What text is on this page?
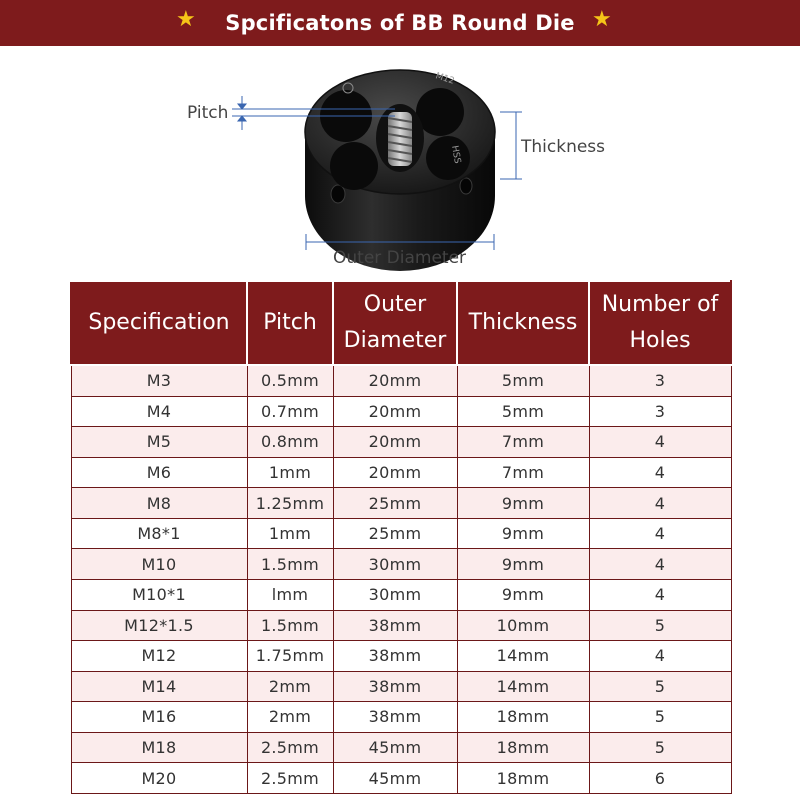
★ Spcificatons of BB Round Die ★
M12
HSS
Pitch
Thickness
Outer Diameter
Specification	Pitch	Outer Diameter	Thickness	Number of Holes
M3	0.5mm	20mm	5mm	3
M4	0.7mm	20mm	5mm	3
M5	0.8mm	20mm	7mm	4
M6	1mm	20mm	7mm	4
M8	1.25mm	25mm	9mm	4
M8*1	1mm	25mm	9mm	4
M10	1.5mm	30mm	9mm	4
M10*1	lmm	30mm	9mm	4
M12*1.5	1.5mm	38mm	10mm	5
M12	1.75mm	38mm	14mm	4
M14	2mm	38mm	14mm	5
M16	2mm	38mm	18mm	5
M18	2.5mm	45mm	18mm	5
M20	2.5mm	45mm	18mm	6
